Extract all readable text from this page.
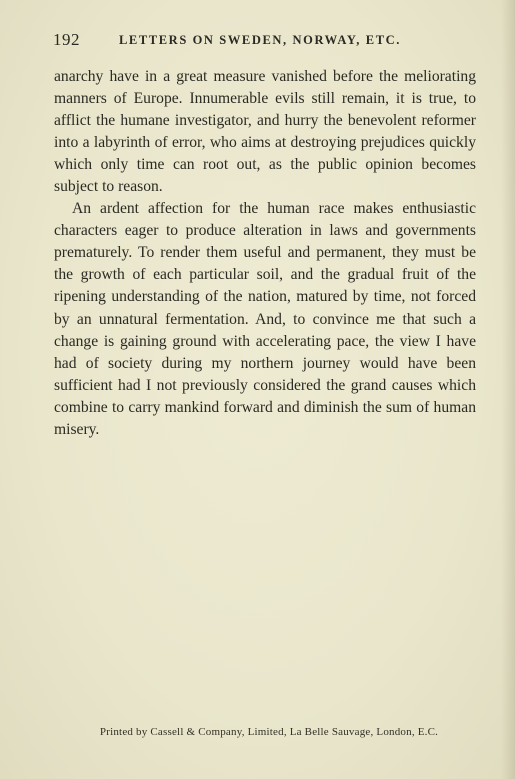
192	LETTERS ON SWEDEN, NORWAY, ETC.

anarchy have in a great measure vanished before the meliorating manners of Europe. Innumerable evils still remain, it is true, to afflict the humane investigator, and hurry the benevolent reformer into a labyrinth of error, who aims at destroying prejudices quickly which only time can root out, as the public opinion becomes subject to reason.

An ardent affection for the human race makes enthusiastic characters eager to produce alteration in laws and governments prematurely. To render them useful and permanent, they must be the growth of each particular soil, and the gradual fruit of the ripening understanding of the nation, matured by time, not forced by an unnatural fermentation. And, to convince me that such a change is gaining ground with accelerating pace, the view I have had of society during my northern journey would have been sufficient had I not previously considered the grand causes which combine to carry mankind forward and diminish the sum of human misery.

Printed by Cassell & Company, Limited, La Belle Sauvage, London, E.C.
